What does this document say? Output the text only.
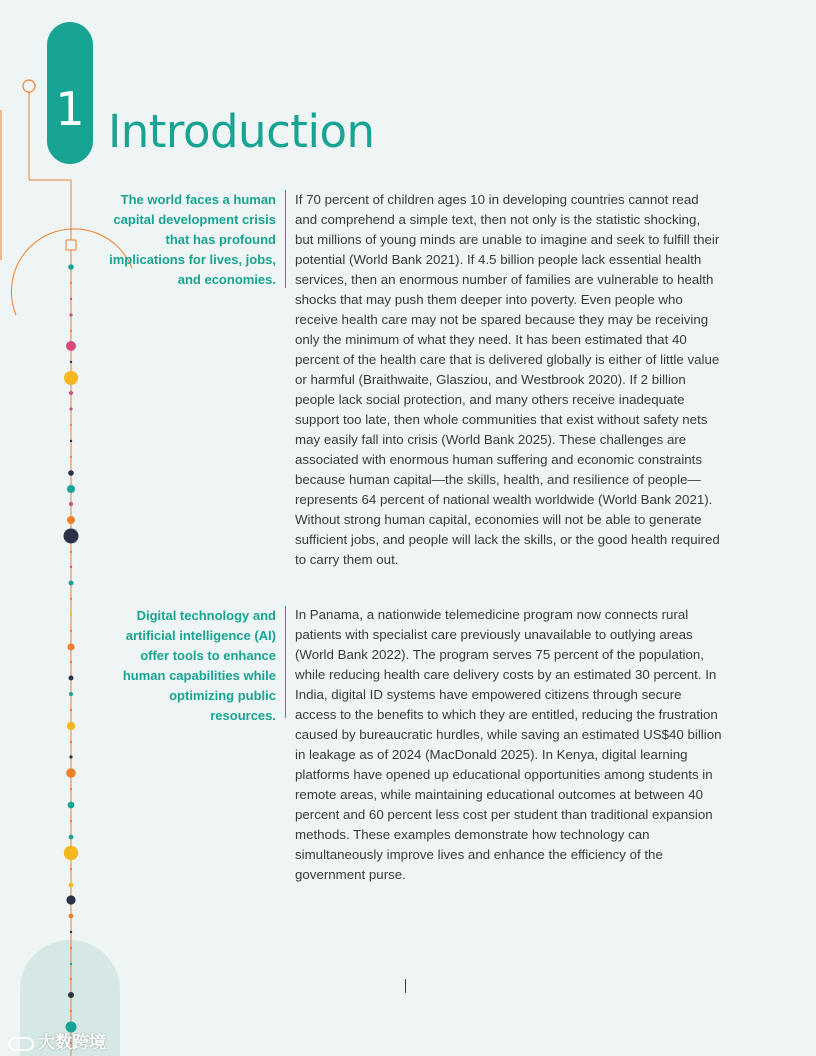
1 Introduction
The world faces a human capital development crisis that has profound implications for lives, jobs, and economies.

If 70 percent of children ages 10 in developing countries cannot read and comprehend a simple text, then not only is the statistic shocking, but millions of young minds are unable to imagine and seek to fulfill their potential (World Bank 2021). If 4.5 billion people lack essential health services, then an enormous number of families are vulnerable to health shocks that may push them deeper into poverty. Even people who receive health care may not be spared because they may be receiving only the minimum of what they need. It has been estimated that 40 percent of the health care that is delivered globally is either of little value or harmful (Braithwaite, Glasziou, and Westbrook 2020). If 2 billion people lack social protection, and many others receive inadequate support too late, then whole communities that exist without safety nets may easily fall into crisis (World Bank 2025). These challenges are associated with enormous human suffering and economic constraints because human capital—the skills, health, and resilience of people—represents 64 percent of national wealth worldwide (World Bank 2021). Without strong human capital, economies will not be able to generate sufficient jobs, and people will lack the skills, or the good health required to carry them out.

Digital technology and artificial intelligence (AI) offer tools to enhance human capabilities while optimizing public resources.

In Panama, a nationwide telemedicine program now connects rural patients with specialist care previously unavailable to outlying areas (World Bank 2022). The program serves 75 percent of the population, while reducing health care delivery costs by an estimated 30 percent. In India, digital ID systems have empowered citizens through secure access to the benefits to which they are entitled, reducing the frustration caused by bureaucratic hurdles, while saving an estimated US$40 billion in leakage as of 2024 (MacDonald 2025). In Kenya, digital learning platforms have opened up educational opportunities among students in remote areas, while maintaining educational outcomes at between 40 percent and 60 percent less cost per student than traditional expansion methods. These examples demonstrate how technology can simultaneously improve lives and enhance the efficiency of the government purse.

大数跨境
